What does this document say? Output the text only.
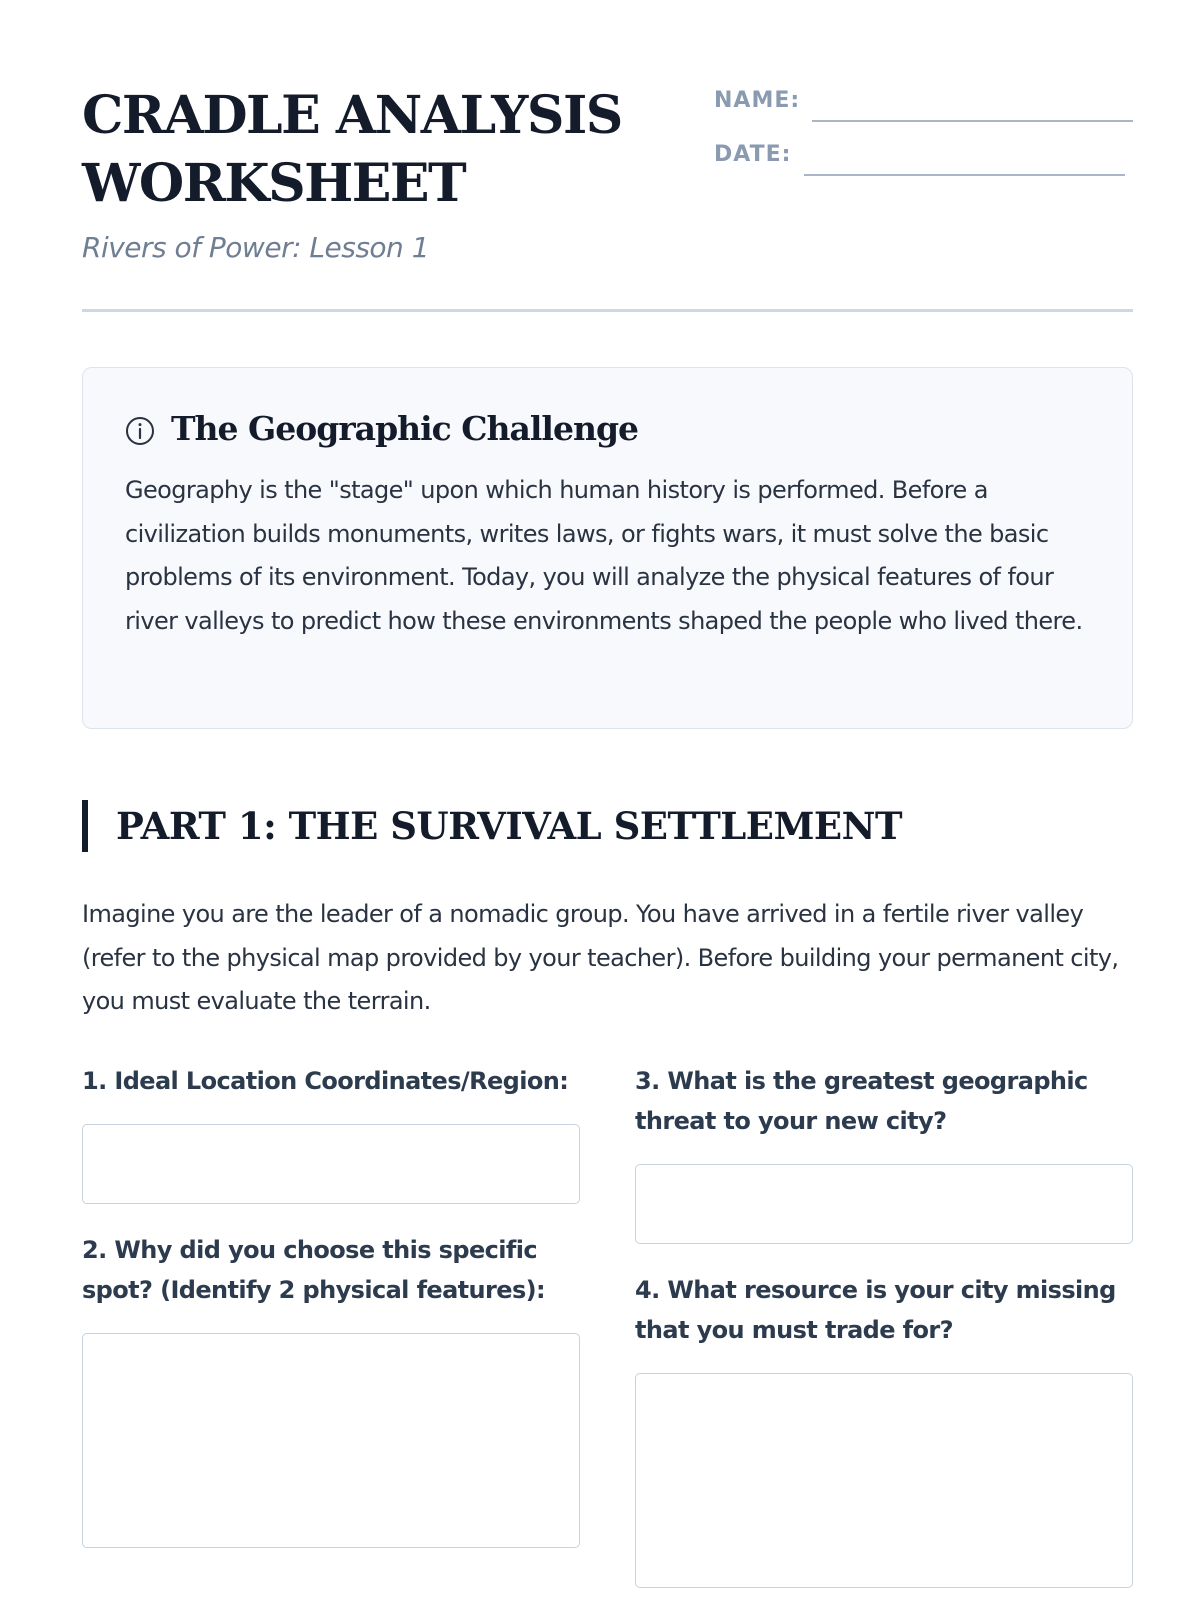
CRADLE ANALYSIS WORKSHEET

Rivers of Power: Lesson 1

NAME:
DATE:
The Geographic Challenge

Geography is the "stage" upon which human history is performed. Before a civilization builds monuments, writes laws, or fights wars, it must solve the basic problems of its environment. Today, you will analyze the physical features of four river valleys to predict how these environments shaped the people who lived there.

PART 1: THE SURVIVAL SETTLEMENT

Imagine you are the leader of a nomadic group. You have arrived in a fertile river valley (refer to the physical map provided by your teacher). Before building your permanent city, you must evaluate the terrain.

1. Ideal Location Coordinates/Region:

2. Why did you choose this specific spot? (Identify 2 physical features):

3. What is the greatest geographic threat to your new city?

4. What resource is your city missing that you must trade for?
